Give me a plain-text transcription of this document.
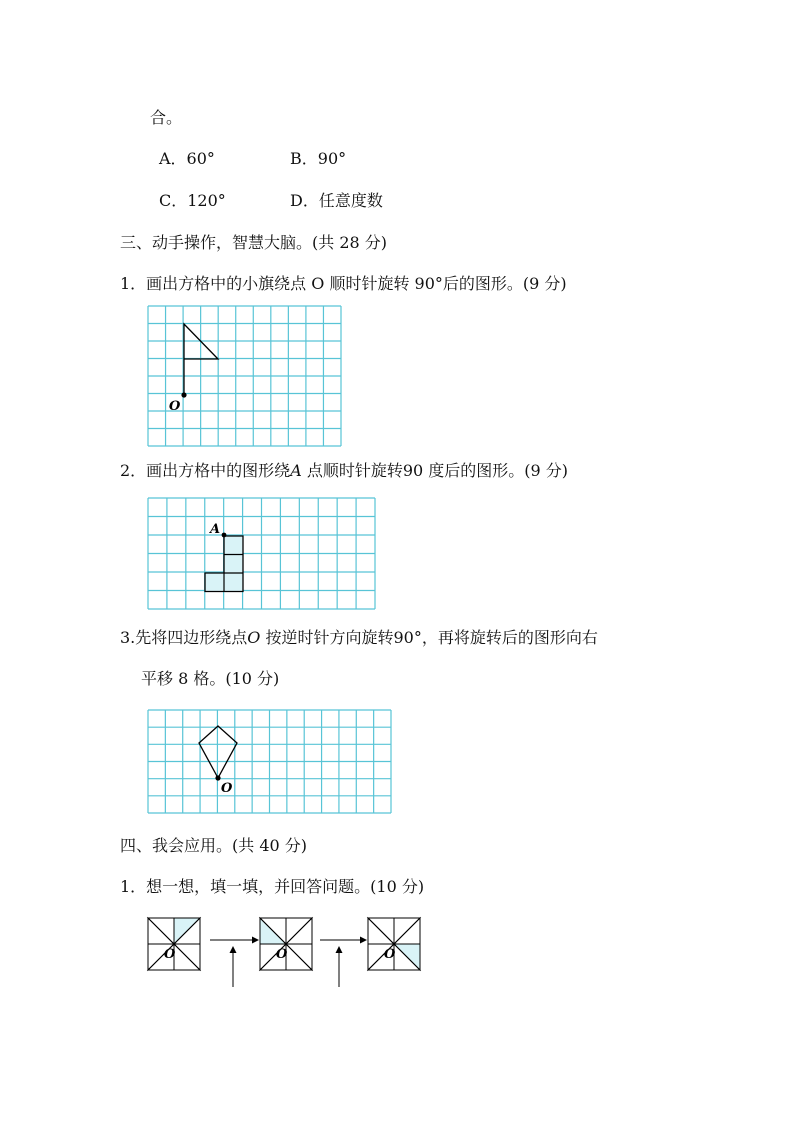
合。
A．60°	B．90°
C．120°	D．任意度数
三、动手操作，智慧大脑。(共 28 分)
1．画出方格中的小旗绕点 O 顺时针旋转 90°后的图形。(9 分)
O
2．画出方格中的图形绕A 点顺时针旋转90 度后的图形。(9 分)
A
3.先将四边形绕点O 按逆时针方向旋转90°，再将旋转后的图形向右
平移 8 格。(10 分)
O
四、我会应用。(共 40 分)
1．想一想，填一填，并回答问题。(10 分)
O	O	O
